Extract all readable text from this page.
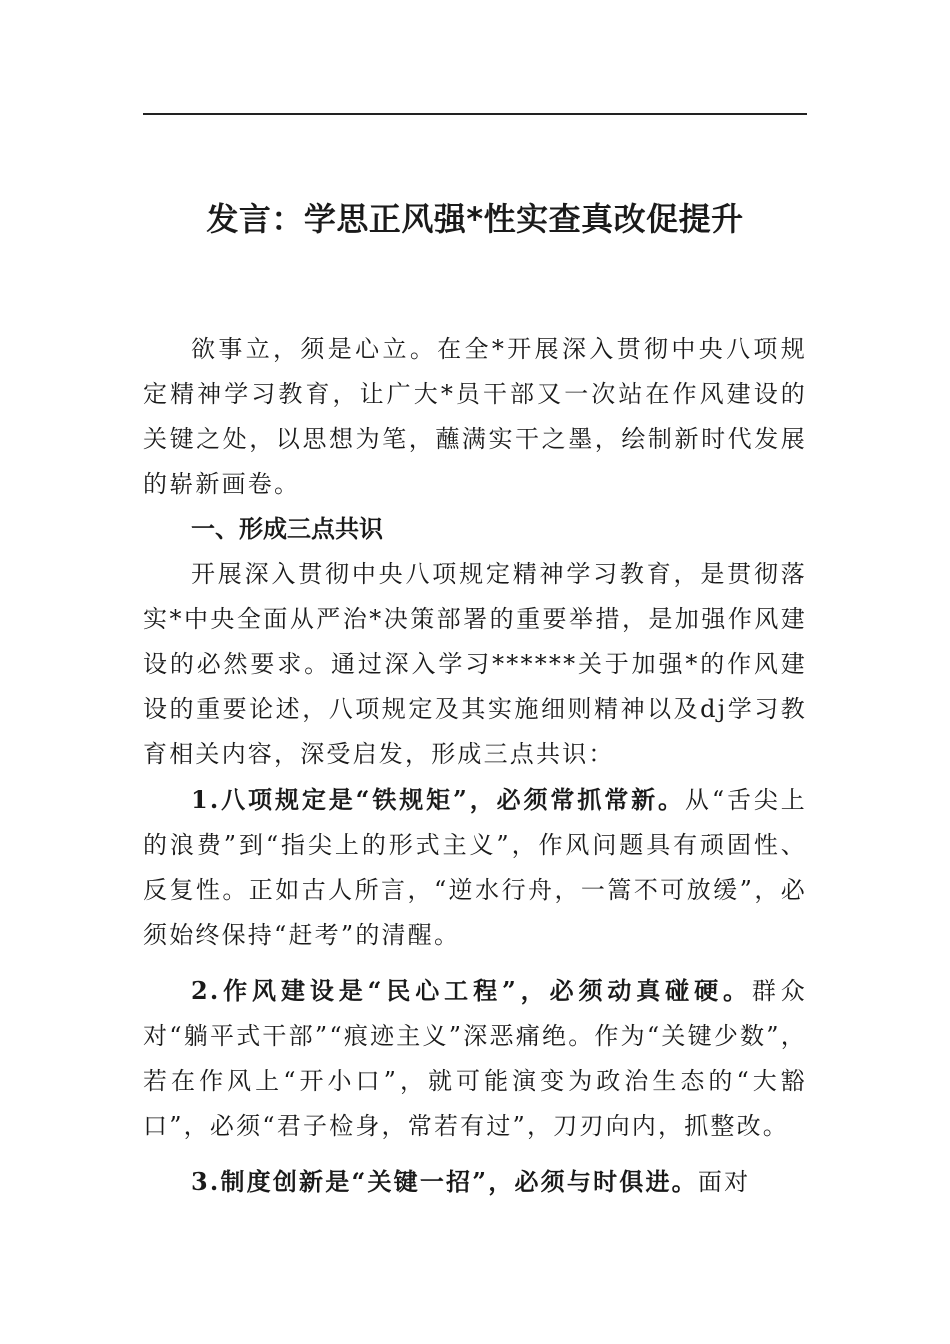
发言：学思正风强*性实查真改促提升

欲事立，须是心立。在全*开展深入贯彻中央八项规定精神学习教育，让广大*员干部又一次站在作风建设的关键之处，以思想为笔，蘸满实干之墨，绘制新时代发展的崭新画卷。

一、形成三点共识

开展深入贯彻中央八项规定精神学习教育，是贯彻落实*中央全面从严治*决策部署的重要举措，是加强作风建设的必然要求。通过深入学习******关于加强*的作风建设的重要论述，八项规定及其实施细则精神以及dj学习教育相关内容，深受启发，形成三点共识：

1.八项规定是“铁规矩”，必须常抓常新。从“舌尖上的浪费”到“指尖上的形式主义”，作风问题具有顽固性、反复性。正如古人所言，“逆水行舟，一篙不可放缓”，必须始终保持“赶考”的清醒。

2.作风建设是“民心工程”，必须动真碰硬。群众对“躺平式干部”“痕迹主义”深恶痛绝。作为“关键少数”，若在作风上“开小口”，就可能演变为政治生态的“大豁口”，必须“君子检身，常若有过”，刀刃向内，抓整改。

3.制度创新是“关键一招”，必须与时俱进。面对
